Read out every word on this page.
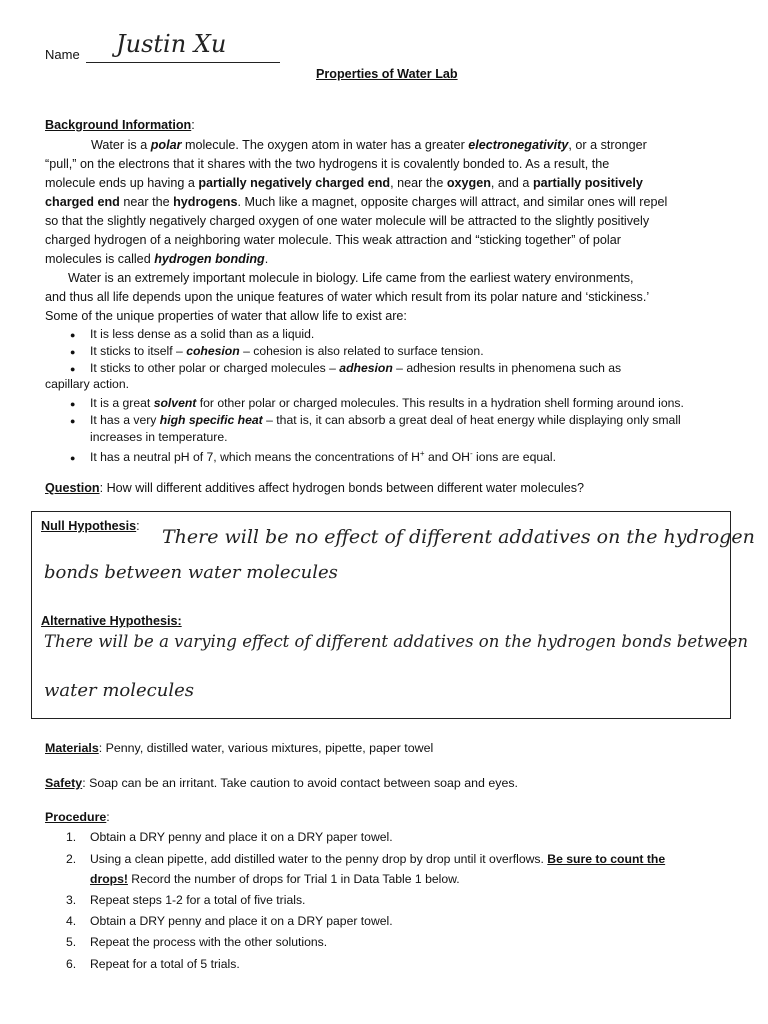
Name Justin Xu
Properties of Water Lab
Background Information:
Water is a polar molecule. The oxygen atom in water has a greater electronegativity, or a stronger
“pull,” on the electrons that it shares with the two hydrogens it is covalently bonded to. As a result, the
molecule ends up having a partially negatively charged end, near the oxygen, and a partially positively
charged end near the hydrogens. Much like a magnet, opposite charges will attract, and similar ones will repel
so that the slightly negatively charged oxygen of one water molecule will be attracted to the slightly positively
charged hydrogen of a neighboring water molecule. This weak attraction and “sticking together” of polar
molecules is called hydrogen bonding.
Water is an extremely important molecule in biology. Life came from the earliest watery environments,
and thus all life depends upon the unique features of water which result from its polar nature and ‘stickiness.’
Some of the unique properties of water that allow life to exist are:
● It is less dense as a solid than as a liquid.
● It sticks to itself – cohesion – cohesion is also related to surface tension.
● It sticks to other polar or charged molecules – adhesion – adhesion results in phenomena such as
● It is a great solvent for other polar or charged molecules. This results in a hydration shell forming around ions.
● It has a very high specific heat – that is, it can absorb a great deal of heat energy while displaying only small
increases in temperature.
● It has a neutral pH of 7, which means the concentrations of H+ and OH- ions are equal.
capillary action.
Question: How will different additives affect hydrogen bonds between different water molecules?
Null Hypothesis: There will be no effect of different addatives on the hydrogen
bonds between water molecules
Alternative Hypothesis:
There will be a varying effect of different addatives on the hydrogen bonds between
water molecules
Materials: Penny, distilled water, various mixtures, pipette, paper towel
Safety: Soap can be an irritant. Take caution to avoid contact between soap and eyes.
Procedure:
1. Obtain a DRY penny and place it on a DRY paper towel.
2. Using a clean pipette, add distilled water to the penny drop by drop until it overflows. Be sure to count the
drops! Record the number of drops for Trial 1 in Data Table 1 below.
3. Repeat steps 1-2 for a total of five trials.
4. Obtain a DRY penny and place it on a DRY paper towel.
5. Repeat the process with the other solutions.
6. Repeat for a total of 5 trials.
